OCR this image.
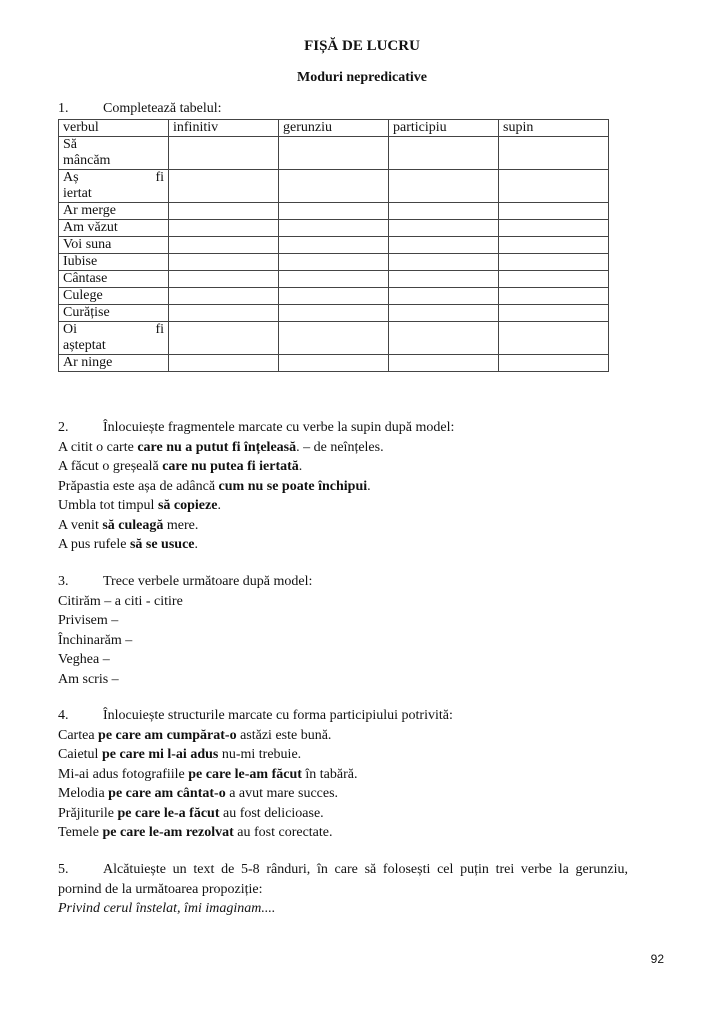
FIȘĂ DE LUCRU
Moduri nepredicative
1. Completează tabelul:
verbul	infinitiv	gerunziu	participiu	supin

Să
mâncăm				

Aș fi
iertat				

Ar merge				
Am văzut				
Voi suna				
Iubise				
Cântase				
Culege				
Curățise				

Oi fi
așteptat				

Ar ninge				
2. Înlocuiește fragmentele marcate cu verbe la supin după model:
A citit o carte care nu a putut fi înțeleasă. – de neînțeles.
A făcut o greșeală care nu putea fi iertată.
Prăpastia este așa de adâncă cum nu se poate închipui.
Umbla tot timpul să copieze.
A venit să culeagă mere.
A pus rufele să se usuce.
3. Trece verbele următoare după model:
Citirăm – a citi - citire
Privisem –
Închinarăm –
Veghea –
Am scris –
4. Înlocuiește structurile marcate cu forma participiului potrivită:
Cartea pe care am cumpărat-o astăzi este bună.
Caietul pe care mi l-ai adus nu-mi trebuie.
Mi-ai adus fotografiile pe care le-am făcut în tabără.
Melodia pe care am cântat-o a avut mare succes.
Prăjiturile pe care le-a făcut au fost delicioase.
Temele pe care le-am rezolvat au fost corectate.
5. Alcătuiește un text de 5-8 rânduri, în care să folosești cel puțin trei verbe la gerunziu,
pornind de la următoarea propoziție:
Privind cerul înstelat, îmi imaginam....
92
